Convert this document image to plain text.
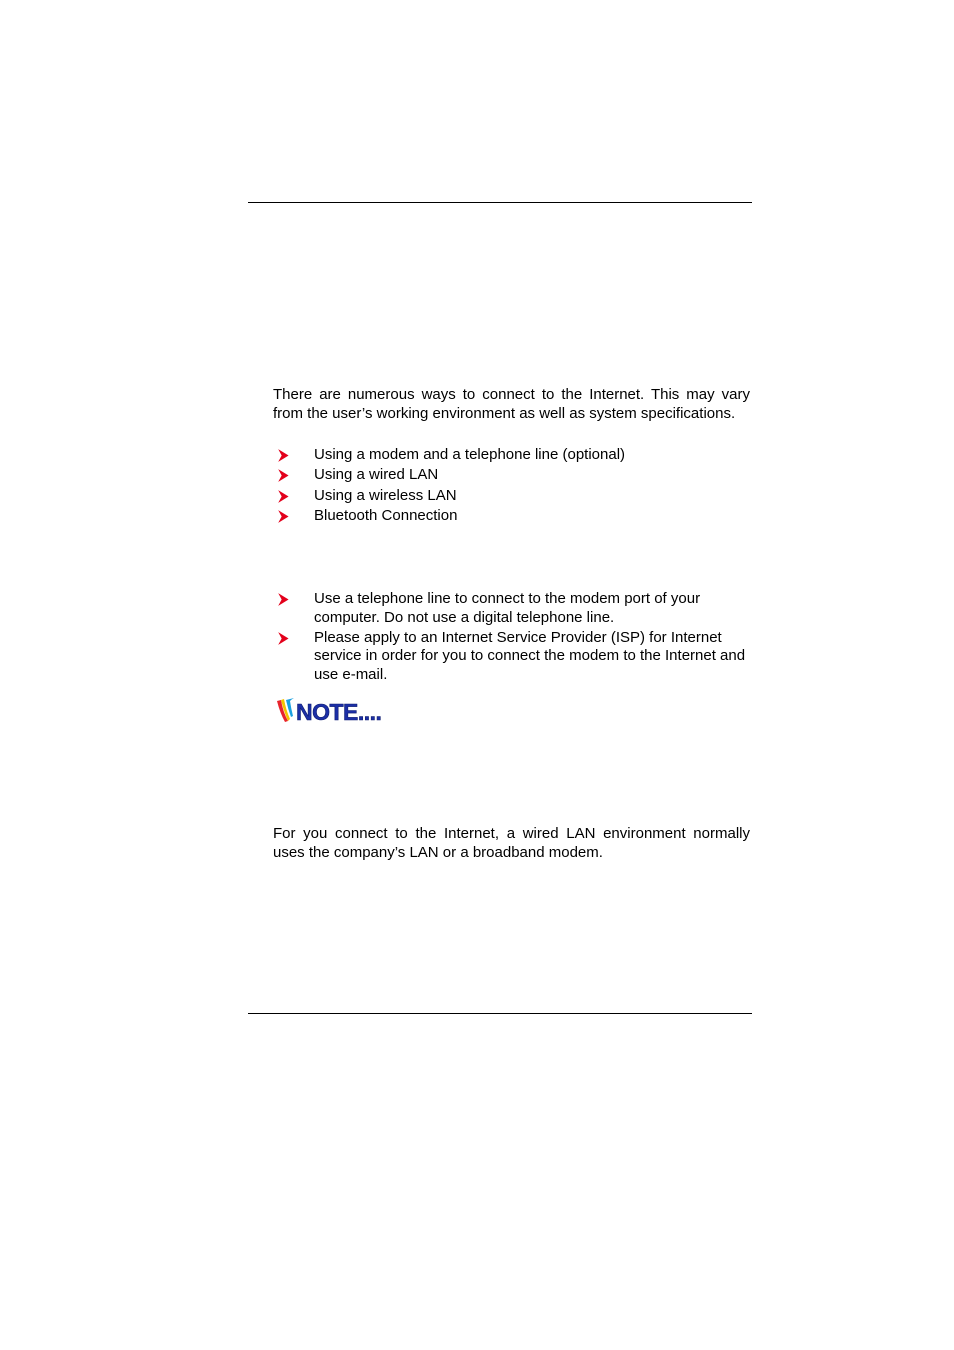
There are numerous ways to connect to the Internet. This may vary from the user’s working environment as well as system specifications.

Using a modem and a telephone line (optional)
Using a wired LAN
Using a wireless LAN
Bluetooth Connection
Use a telephone line to connect to the modem port of your computer. Do not use a digital telephone line.
Please apply to an Internet Service Provider (ISP) for Internet service in order for you to connect the modem to the Internet and use e-mail.
NOTE....

For you connect to the Internet, a wired LAN environment normally uses the company’s LAN or a broadband modem.
